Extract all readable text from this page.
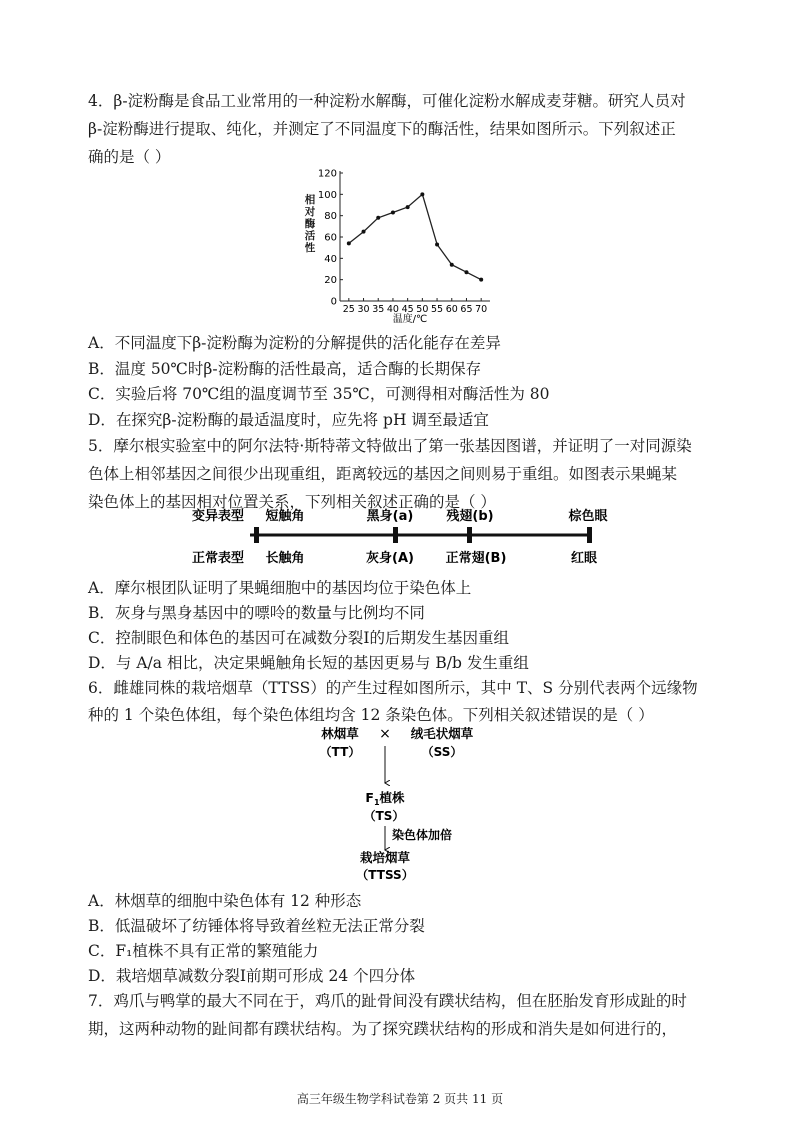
4．β-淀粉酶是食品工业常用的一种淀粉水解酶，可催化淀粉水解成麦芽糖。研究人员对
β-淀粉酶进行提取、纯化，并测定了不同温度下的酶活性，结果如图所示。下列叙述正
确的是（ ）
0
20
40
60
80
100
120
25 30 35 40 45 50 55 60 65 70
温度/℃
相对酶活性
A．不同温度下β-淀粉酶为淀粉的分解提供的活化能存在差异
B．温度 50℃时β-淀粉酶的活性最高，适合酶的长期保存
C．实验后将 70℃组的温度调节至 35℃，可测得相对酶活性为 80
D．在探究β-淀粉酶的最适温度时，应先将 pH 调至最适宜
5．摩尔根实验室中的阿尔法特·斯特蒂文特做出了第一张基因图谱，并证明了一对同源染
色体上相邻基因之间很少出现重组，距离较远的基因之间则易于重组。如图表示果蝇某
染色体上的基因相对位置关系，下列相关叙述正确的是（ ）
变异表型
正常表型
短触角	黑身(a)	残翅(b)	棕色眼
长触角	灰身(A) 正常翅(B)	红眼
A．摩尔根团队证明了果蝇细胞中的基因均位于染色体上
B．灰身与黑身基因中的嘌呤的数量与比例均不同
C．控制眼色和体色的基因可在减数分裂Ⅰ的后期发生基因重组
D．与 A/a 相比，决定果蝇触角长短的基因更易与 B/b 发生重组
6．雌雄同株的栽培烟草（TTSS）的产生过程如图所示，其中 T、S 分别代表两个远缘物
种的 1 个染色体组，每个染色体组均含 12 条染色体。下列相关叙述错误的是（ ）
林烟草
（TT）
× 绒毛状烟草
（SS）
$F_1$植株
（TS）
染色体加倍
栽培烟草
（TTSS）
A．林烟草的细胞中染色体有 12 种形态
B．低温破坏了纺锤体将导致着丝粒无法正常分裂
C．F₁植株不具有正常的繁殖能力
D．栽培烟草减数分裂Ⅰ前期可形成 24 个四分体
7．鸡爪与鸭掌的最大不同在于，鸡爪的趾骨间没有蹼状结构，但在胚胎发育形成趾的时
期，这两种动物的趾间都有蹼状结构。为了探究蹼状结构的形成和消失是如何进行的，
高三年级生物学科试卷第 2 页共 11 页
